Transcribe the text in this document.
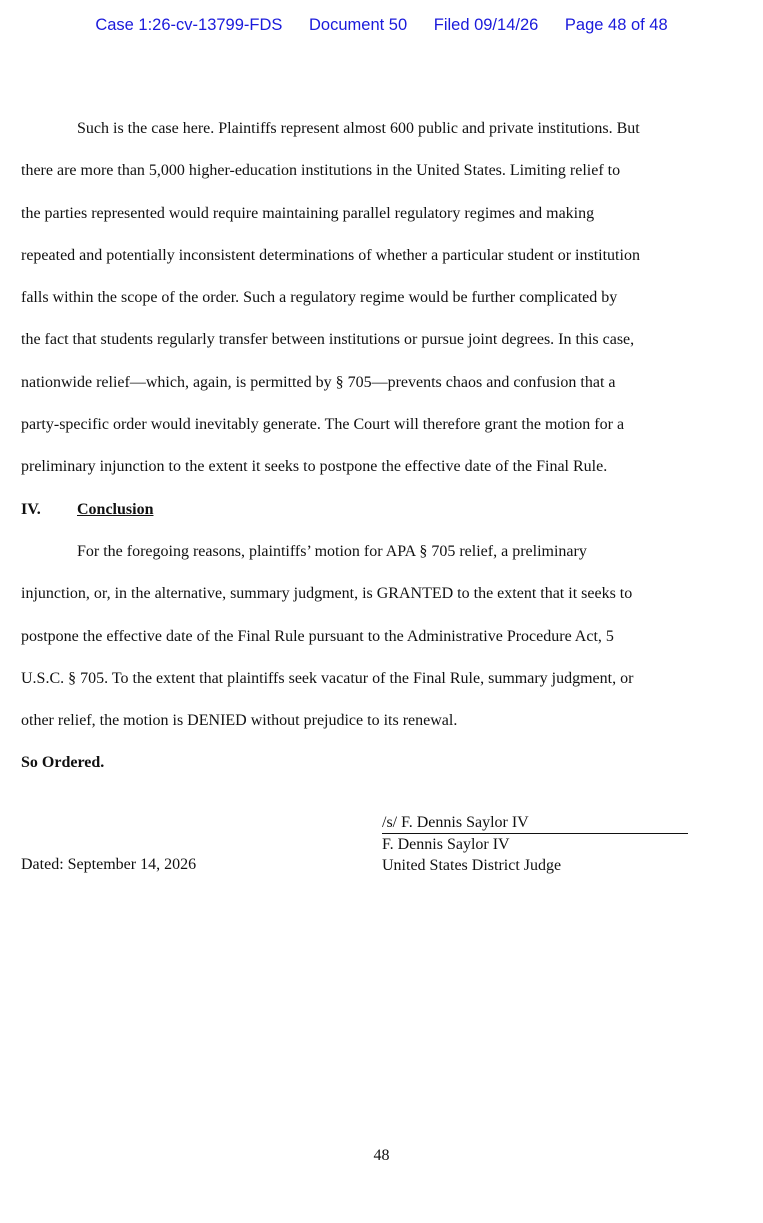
Case 1:26-cv-13799-FDS Document 50 Filed 09/14/26 Page 48 of 48
Such is the case here. Plaintiffs represent almost 600 public and private institutions. But
there are more than 5,000 higher-education institutions in the United States. Limiting relief to
the parties represented would require maintaining parallel regulatory regimes and making
repeated and potentially inconsistent determinations of whether a particular student or institution
falls within the scope of the order. Such a regulatory regime would be further complicated by
the fact that students regularly transfer between institutions or pursue joint degrees. In this case,
nationwide relief—which, again, is permitted by § 705—prevents chaos and confusion that a
party-specific order would inevitably generate. The Court will therefore grant the motion for a
preliminary injunction to the extent it seeks to postpone the effective date of the Final Rule.
IV. Conclusion
For the foregoing reasons, plaintiffs’ motion for APA § 705 relief, a preliminary
injunction, or, in the alternative, summary judgment, is GRANTED to the extent that it seeks to
postpone the effective date of the Final Rule pursuant to the Administrative Procedure Act, 5
U.S.C. § 705. To the extent that plaintiffs seek vacatur of the Final Rule, summary judgment, or
other relief, the motion is DENIED without prejudice to its renewal.
So Ordered.
/s/ F. Dennis Saylor IV
F. Dennis Saylor IV
United States District Judge
Dated: September 14, 2026
48
